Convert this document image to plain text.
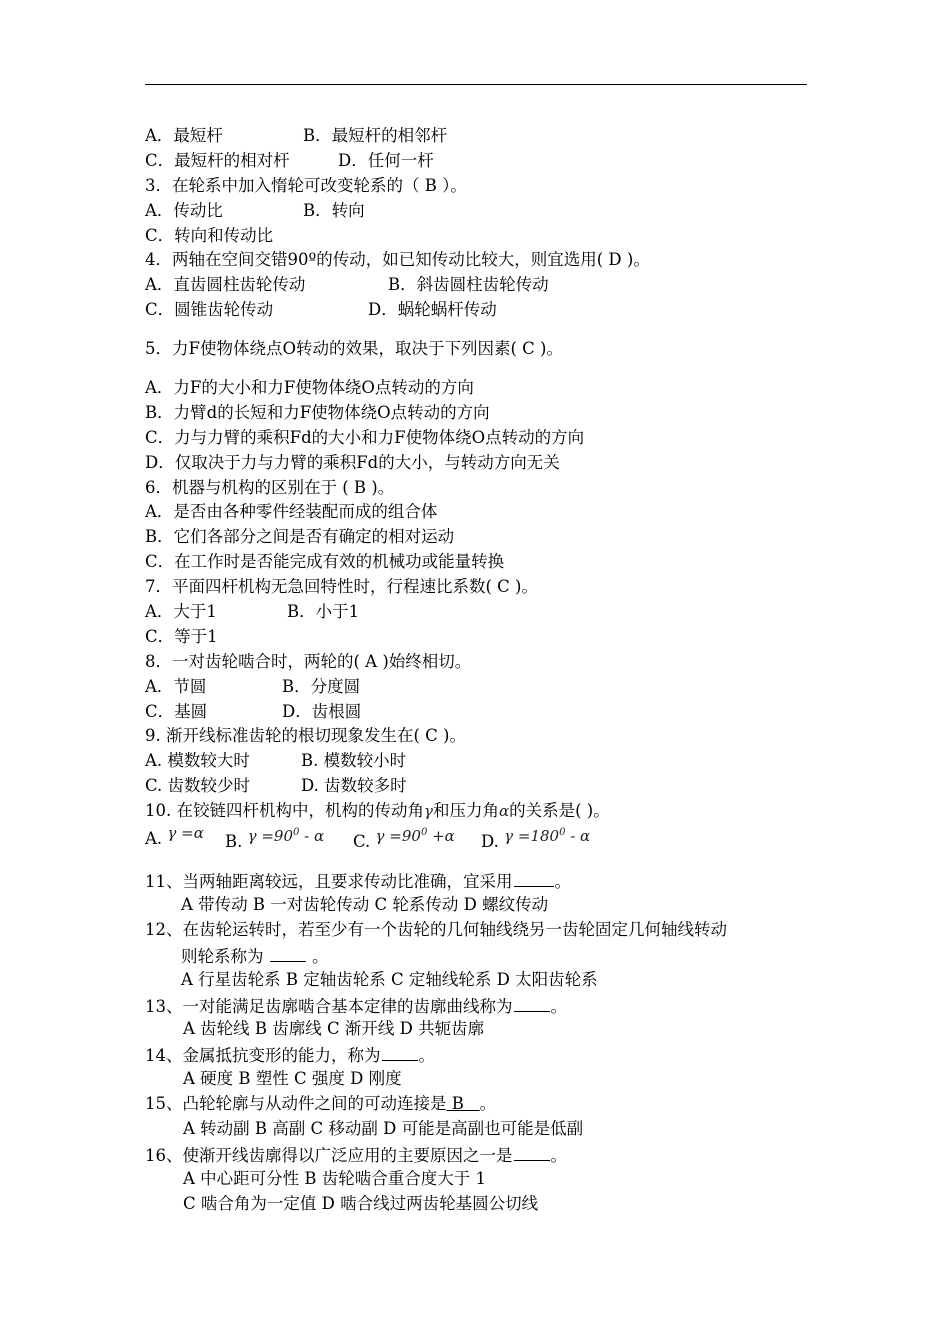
A．最短杆	B．最短杆的相邻杆
C．最短杆的相对杆	D．任何一杆
3．在轮系中加入惰轮可改变轮系的（ B ）。
A．传动比	B．转向
C．转向和传动比
4．两轴在空间交错90º的传动，如已知传动比较大，则宜选用( D )。
A．直齿圆柱齿轮传动	B．斜齿圆柱齿轮传动
C．圆锥齿轮传动	D．蜗轮蜗杆传动
5．力F使物体绕点O转动的效果，取决于下列因素( C )。
A．力F的大小和力F使物体绕O点转动的方向
B．力臂d的长短和力F使物体绕O点转动的方向
C．力与力臂的乘积Fd的大小和力F使物体绕O点转动的方向
D．仅取决于力与力臂的乘积Fd的大小，与转动方向无关
6．机器与机构的区别在于 ( B )。
A．是否由各种零件经装配而成的组合体
B．它们各部分之间是否有确定的相对运动
C．在工作时是否能完成有效的机械功或能量转换
7．平面四杆机构无急回特性时，行程速比系数( C )。
A．大于1	B．小于1
C．等于1
8．一对齿轮啮合时，两轮的( A )始终相切。
A．节圆	B．分度圆
C．基圆	D．齿根圆
9. 渐开线标准齿轮的根切现象发生在( C )。
A. 模数较大时	B. 模数较小时
C. 齿数较少时	D. 齿数较多时
10. 在铰链四杆机构中，机构的传动角γ和压力角α的关系是( )。
A. γ =α B. $\gamma =90^0 - \alpha$ C. $\gamma =90^0 +\alpha$ D. $\gamma =180^0 - \alpha$
11、当两轴距离较远，且要求传动比准确，宜采用	。
A 带传动 B 一对齿轮传动 C 轮系传动 D 螺纹传动
12、在齿轮运转时，若至少有一个齿轮的几何轴线绕另一齿轮固定几何轴线转动
则轮系称为  。
A 行星齿轮系 B 定轴齿轮系 C 定轴线轮系 D 太阳齿轮系
13、一对能满足齿廓啮合基本定律的齿廓曲线称为 。
A 齿轮线 B 齿廓线 C 渐开线 D 共轭齿廓
14、金属抵抗变形的能力，称为 。
A 硬度 B 塑性 C 强度 D 刚度
15、凸轮轮廓与从动件之间的可动连接是 B   。
A 转动副 B 高副 C 移动副 D 可能是高副也可能是低副
16、使渐开线齿廓得以广泛应用的主要原因之一是 。
A 中心距可分性 B 齿轮啮合重合度大于 1
C 啮合角为一定值 D 啮合线过两齿轮基圆公切线
